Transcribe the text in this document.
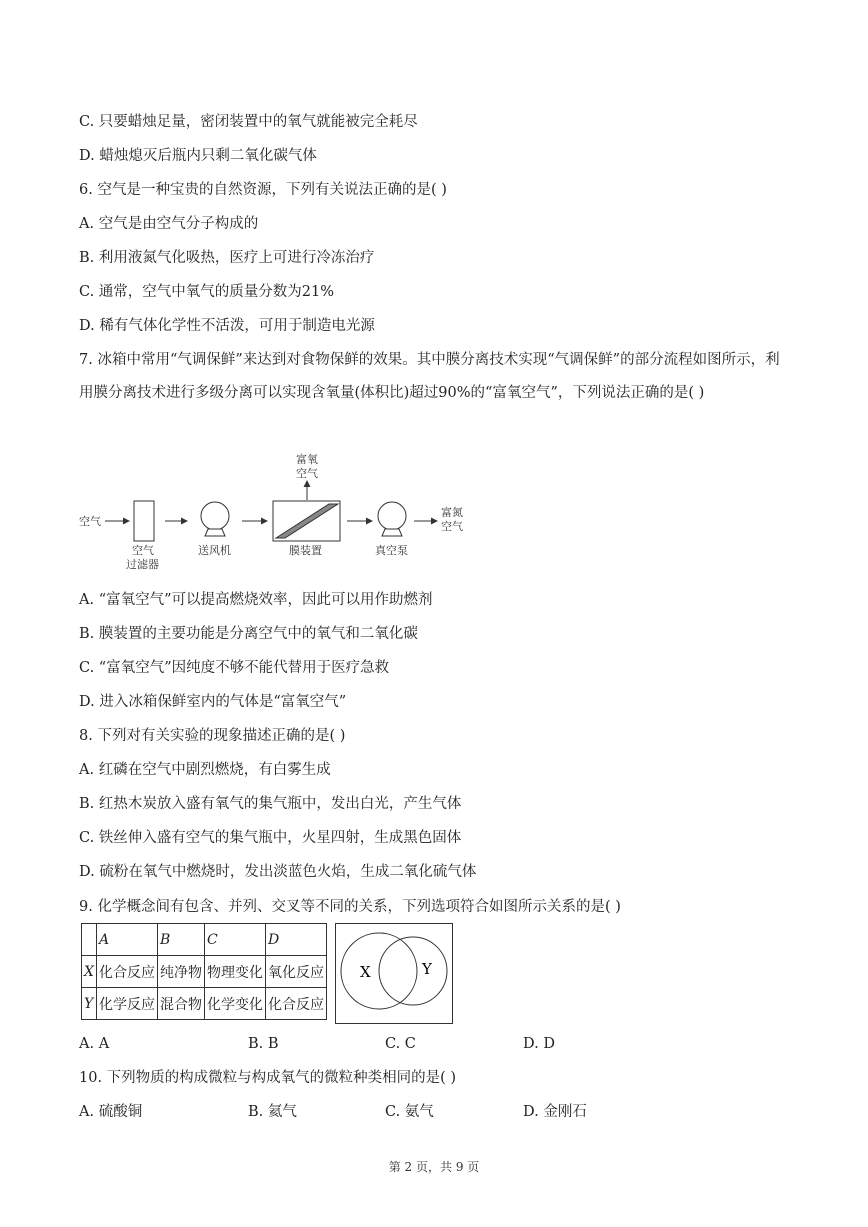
C. 只要蜡烛足量，密闭装置中的氧气就能被完全耗尽
D. 蜡烛熄灭后瓶内只剩二氧化碳气体
6. 空气是一种宝贵的自然资源，下列有关说法正确的是( )
A. 空气是由空气分子构成的
B. 利用液氮气化吸热，医疗上可进行冷冻治疗
C. 通常，空气中氧气的质量分数为21%
D. 稀有气体化学性不活泼，可用于制造电光源
7. 冰箱中常用“气调保鲜”来达到对食物保鲜的效果。其中膜分离技术实现“气调保鲜”的部分流程如图所示，利用膜分离技术进行多级分离可以实现含氧量(体积比)超过90%的“富氧空气”，下列说法正确的是( )
空气
富氧
空气
富氮
空气
空气
过滤器
送风机	膜装置	真空泵
A. “富氧空气”可以提高燃烧效率，因此可以用作助燃剂
B. 膜装置的主要功能是分离空气中的氧气和二氧化碳
C. “富氧空气”因纯度不够不能代替用于医疗急救
D. 进入冰箱保鲜室内的气体是“富氧空气”
8. 下列对有关实验的现象描述正确的是( )
A. 红磷在空气中剧烈燃烧，有白雾生成
B. 红热木炭放入盛有氧气的集气瓶中，发出白光，产生气体
C. 铁丝伸入盛有空气的集气瓶中，火星四射，生成黑色固体
D. 硫粉在氧气中燃烧时，发出淡蓝色火焰，生成二氧化硫气体
9. 化学概念间有包含、并列、交叉等不同的关系，下列选项符合如图所示关系的是( )
	A	B	C	D
X	化合反应	纯净物	物理变化	氧化反应
Y	化学反应	混合物	化学变化	化合反应
X	Y
A. A	B. B	C. C	D. D
10. 下列物质的构成微粒与构成氧气的微粒种类相同的是( )
A. 硫酸铜	B. 氦气	C. 氨气	D. 金刚石
第 2 页，共 9 页
